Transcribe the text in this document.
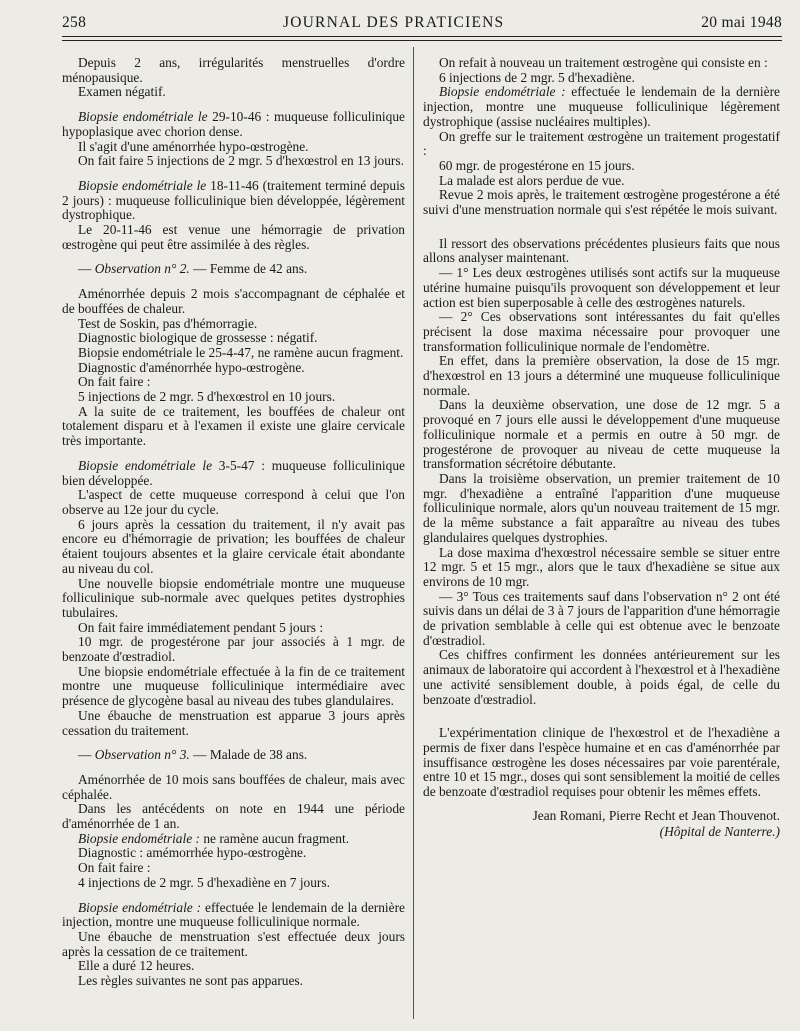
258	JOURNAL DES PRATICIENS	20 mai 1948

Depuis 2 ans, irrégularités menstruelles d'ordre ménopausique.

Examen négatif.

Biopsie endométriale le 29-10-46 : muqueuse folliculinique hypoplasique avec chorion dense.

Il s'agit d'une aménorrhée hypo-œstrogène.

On fait faire 5 injections de 2 mgr. 5 d'hexœstrol en 13 jours.

Biopsie endométriale le 18-11-46 (traitement terminé depuis 2 jours) : muqueuse folliculinique bien développée, légèrement dystrophique.

Le 20-11-46 est venue une hémorragie de privation œstrogène qui peut être assimilée à des règles.

— Observation n° 2. — Femme de 42 ans.

Aménorrhée depuis 2 mois s'accompagnant de céphalée et de bouffées de chaleur.

Test de Soskin, pas d'hémorragie.

Diagnostic biologique de grossesse : négatif.

Biopsie endométriale le 25-4-47, ne ramène aucun fragment.

Diagnostic d'aménorrhée hypo-œstrogène.

On fait faire :

5 injections de 2 mgr. 5 d'hexœstrol en 10 jours.

A la suite de ce traitement, les bouffées de chaleur ont totalement disparu et à l'examen il existe une glaire cervicale très importante.

Biopsie endométriale le 3-5-47 : muqueuse folliculinique bien développée.

L'aspect de cette muqueuse correspond à celui que l'on observe au 12e jour du cycle.

6 jours après la cessation du traitement, il n'y avait pas encore eu d'hémorragie de privation; les bouffées de chaleur étaient toujours absentes et la glaire cervicale était abondante au niveau du col.

Une nouvelle biopsie endométriale montre une muqueuse folliculinique sub-normale avec quelques petites dystrophies tubulaires.

On fait faire immédiatement pendant 5 jours :

10 mgr. de progestérone par jour associés à 1 mgr. de benzoate d'œstradiol.

Une biopsie endométriale effectuée à la fin de ce traitement montre une muqueuse folliculinique intermédiaire avec présence de glycogène basal au niveau des tubes glandulaires.

Une ébauche de menstruation est apparue 3 jours après cessation du traitement.

— Observation n° 3. — Malade de 38 ans.

Aménorrhée de 10 mois sans bouffées de chaleur, mais avec céphalée.

Dans les antécédents on note en 1944 une période d'aménorrhée de 1 an.

Biopsie endométriale : ne ramène aucun fragment.

Diagnostic : amémorrhée hypo-œstrogène.

On fait faire :

4 injections de 2 mgr. 5 d'hexadiène en 7 jours.

Biopsie endométriale : effectuée le lendemain de la dernière injection, montre une muqueuse folliculinique normale.

Une ébauche de menstruation s'est effectuée deux jours après la cessation de ce traitement.

Elle a duré 12 heures.

Les règles suivantes ne sont pas apparues.

On refait à nouveau un traitement œstrogène qui consiste en :

6 injections de 2 mgr. 5 d'hexadiène.

Biopsie endométriale : effectuée le lendemain de la dernière injection, montre une muqueuse folliculinique légèrement dystrophique (assise nucléaires multiples).

On greffe sur le traitement œstrogène un traitement progestatif :

60 mgr. de progestérone en 15 jours.

La malade est alors perdue de vue.

Revue 2 mois après, le traitement œstrogène progestérone a été suivi d'une menstruation normale qui s'est répétée le mois suivant.

Il ressort des observations précédentes plusieurs faits que nous allons analyser maintenant.

— 1° Les deux œstrogènes utilisés sont actifs sur la muqueuse utérine humaine puisqu'ils provoquent son développement et leur action est bien superposable à celle des œstrogènes naturels.

— 2° Ces observations sont intéressantes du fait qu'elles précisent la dose maxima nécessaire pour provoquer une transformation folliculinique normale de l'endomètre.

En effet, dans la première observation, la dose de 15 mgr. d'hexœstrol en 13 jours a déterminé une muqueuse folliculinique normale.

Dans la deuxième observation, une dose de 12 mgr. 5 a provoqué en 7 jours elle aussi le développement d'une muqueuse folliculinique normale et a permis en outre à 50 mgr. de progestérone de provoquer au niveau de cette muqueuse la transformation sécrétoire débutante.

Dans la troisième observation, un premier traitement de 10 mgr. d'hexadiène a entraîné l'apparition d'une muqueuse folliculinique normale, alors qu'un nouveau traitement de 15 mgr. de la même substance a fait apparaître au niveau des tubes glandulaires quelques dystrophies.

La dose maxima d'hexœstrol nécessaire semble se situer entre 12 mgr. 5 et 15 mgr., alors que le taux d'hexadiène se situe aux environs de 10 mgr.

— 3° Tous ces traitements sauf dans l'observation n° 2 ont été suivis dans un délai de 3 à 7 jours de l'apparition d'une hémorragie de privation semblable à celle qui est obtenue avec le benzoate d'œstradiol.

Ces chiffres confirment les données antérieurement sur les animaux de laboratoire qui accordent à l'hexœstrol et à l'hexadiène une activité sensiblement double, à poids égal, de celle du benzoate d'œstradiol.

L'expérimentation clinique de l'hexœstrol et de l'hexadiène a permis de fixer dans l'espèce humaine et en cas d'aménorrhée par insuffisance œstrogène les doses nécessaires par voie parentérale, entre 10 et 15 mgr., doses qui sont sensiblement la moitié de celles de benzoate d'œstradiol requises pour obtenir les mêmes effets.

Jean Romani, Pierre Recht et Jean Thouvenot.
(Hôpital de Nanterre.)
